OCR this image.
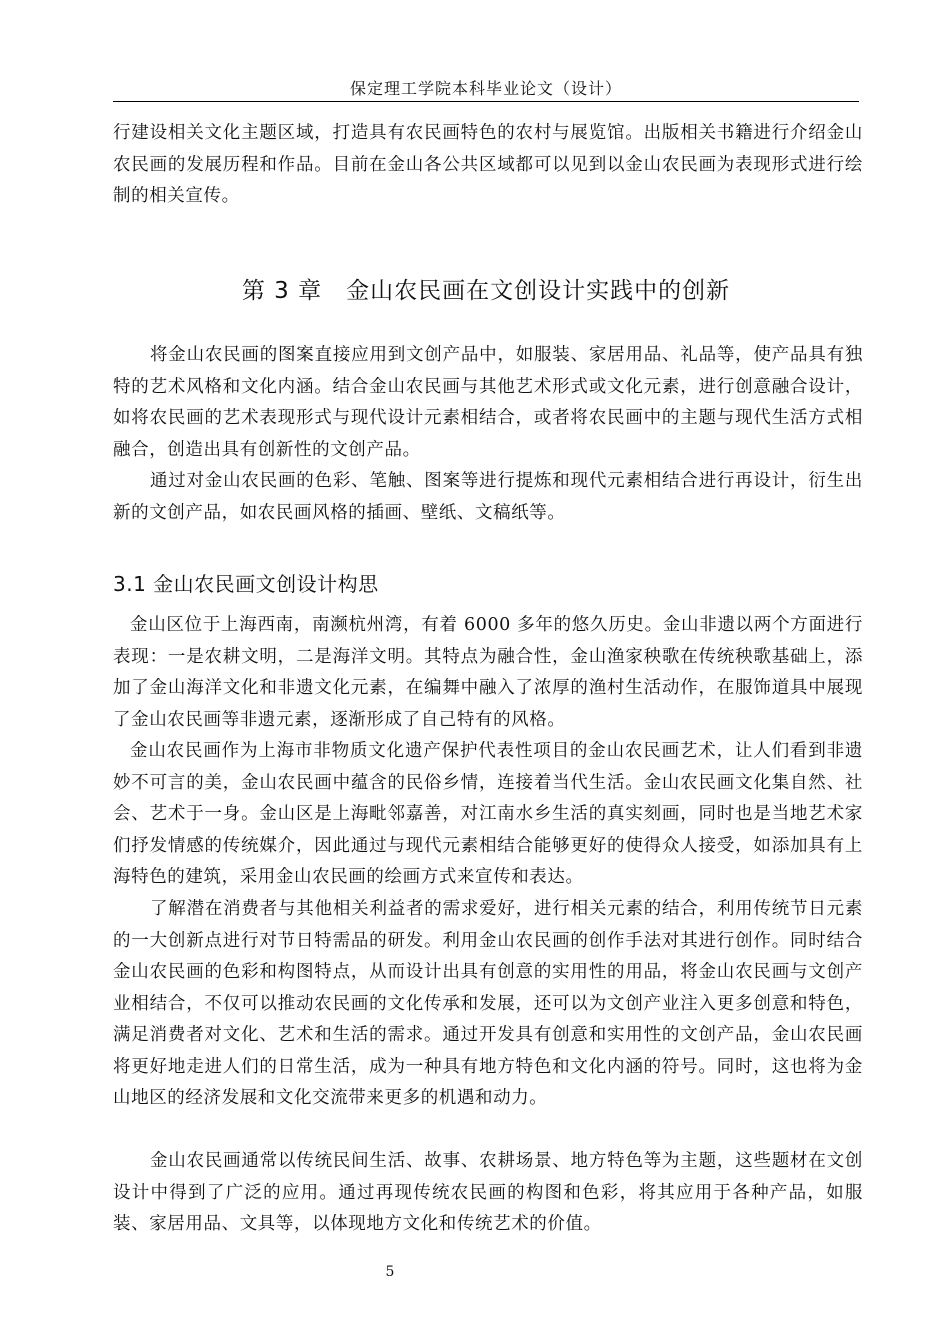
保定理工学院本科毕业论文（设计）

行建设相关文化主题区域，打造具有农民画特色的农村与展览馆。出版相关书籍进行介绍金山农民画的发展历程和作品。目前在金山各公共区域都可以见到以金山农民画为表现形式进行绘制的相关宣传。

第 3 章　金山农民画在文创设计实践中的创新

将金山农民画的图案直接应用到文创产品中，如服装、家居用品、礼品等，使产品具有独特的艺术风格和文化内涵。结合金山农民画与其他艺术形式或文化元素，进行创意融合设计，如将农民画的艺术表现形式与现代设计元素相结合，或者将农民画中的主题与现代生活方式相融合，创造出具有创新性的文创产品。

通过对金山农民画的色彩、笔触、图案等进行提炼和现代元素相结合进行再设计，衍生出新的文创产品，如农民画风格的插画、壁纸、文稿纸等。

3.1 金山农民画文创设计构思

金山区位于上海西南，南濒杭州湾，有着 6000 多年的悠久历史。金山非遗以两个方面进行表现：一是农耕文明，二是海洋文明。其特点为融合性，金山渔家秧歌在传统秧歌基础上，添加了金山海洋文化和非遗文化元素，在编舞中融入了浓厚的渔村生活动作，在服饰道具中展现了金山农民画等非遗元素，逐渐形成了自己特有的风格。

金山农民画作为上海市非物质文化遗产保护代表性项目的金山农民画艺术，让人们看到非遗妙不可言的美，金山农民画中蕴含的民俗乡情，连接着当代生活。金山农民画文化集自然、社会、艺术于一身。金山区是上海毗邻嘉善，对江南水乡生活的真实刻画，同时也是当地艺术家们抒发情感的传统媒介，因此通过与现代元素相结合能够更好的使得众人接受，如添加具有上海特色的建筑，采用金山农民画的绘画方式来宣传和表达。

了解潜在消费者与其他相关利益者的需求爱好，进行相关元素的结合，利用传统节日元素的一大创新点进行对节日特需品的研发。利用金山农民画的创作手法对其进行创作。同时结合金山农民画的色彩和构图特点，从而设计出具有创意的实用性的用品，将金山农民画与文创产业相结合，不仅可以推动农民画的文化传承和发展，还可以为文创产业注入更多创意和特色，满足消费者对文化、艺术和生活的需求。通过开发具有创意和实用性的文创产品，金山农民画将更好地走进人们的日常生活，成为一种具有地方特色和文化内涵的符号。同时，这也将为金山地区的经济发展和文化交流带来更多的机遇和动力。

金山农民画通常以传统民间生活、故事、农耕场景、地方特色等为主题，这些题材在文创设计中得到了广泛的应用。通过再现传统农民画的构图和色彩，将其应用于各种产品，如服装、家居用品、文具等，以体现地方文化和传统艺术的价值。

5
